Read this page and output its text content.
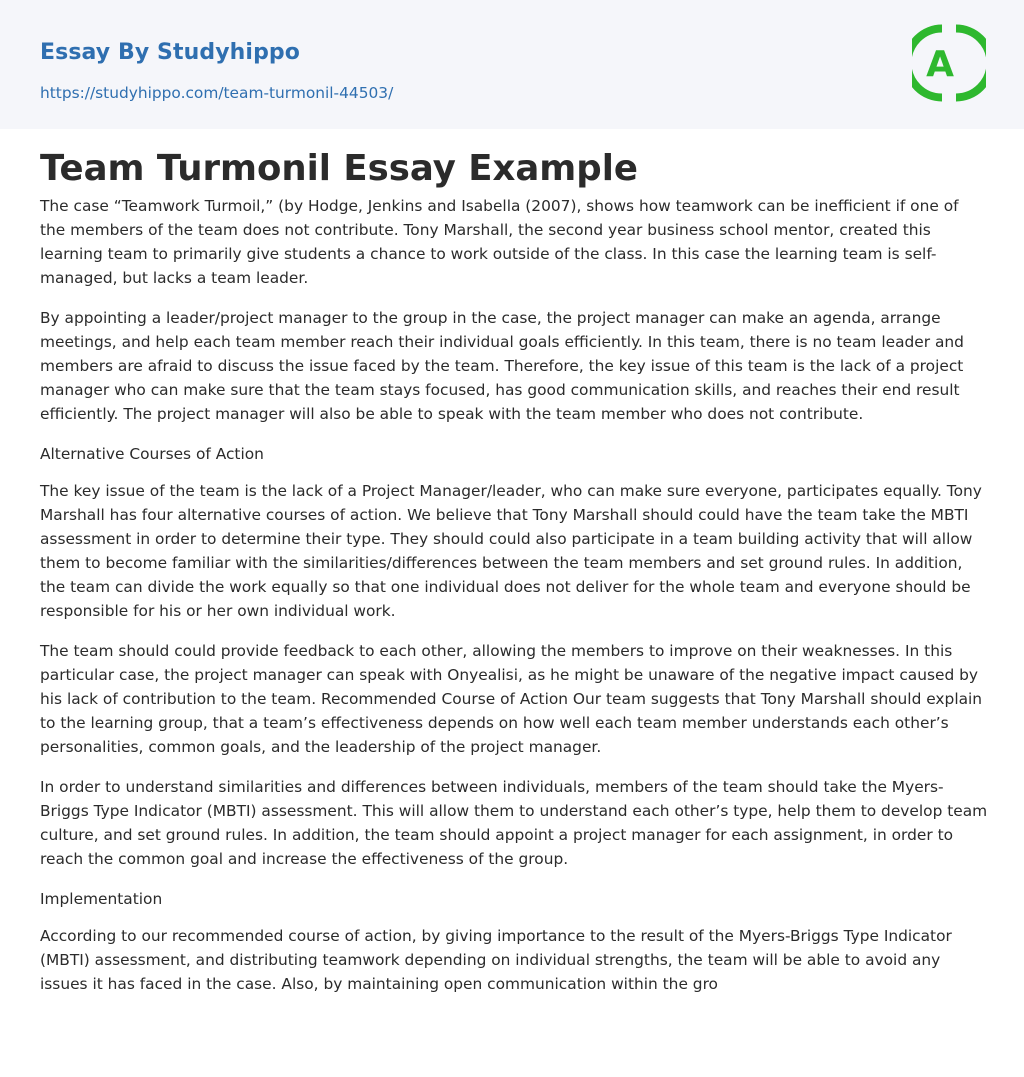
Essay By Studyhippo
https://studyhippo.com/team-turmonil-44503/
A
Team Turmonil Essay Example

The case “Teamwork Turmoil,” (by Hodge, Jenkins and Isabella (2007), shows how teamwork can be inefficient if one of the members of the team does not contribute. Tony Marshall, the second year business school mentor, created this learning team to primarily give students a chance to work outside of the class. In this case the learning team is self-managed, but lacks a team leader.

By appointing a leader/project manager to the group in the case, the project manager can make an agenda, arrange meetings, and help each team member reach their individual goals efficiently. In this team, there is no team leader and members are afraid to discuss the issue faced by the team. Therefore, the key issue of this team is the lack of a project manager who can make sure that the team stays focused, has good communication skills, and reaches their end result efficiently. The project manager will also be able to speak with the team member who does not contribute.

Alternative Courses of Action

The key issue of the team is the lack of a Project Manager/leader, who can make sure everyone, participates equally. Tony Marshall has four alternative courses of action. We believe that Tony Marshall should could have the team take the MBTI assessment in order to determine their type. They should could also participate in a team building activity that will allow them to become familiar with the similarities/differences between the team members and set ground rules. In addition, the team can divide the work equally so that one individual does not deliver for the whole team and everyone should be responsible for his or her own individual work.

The team should could provide feedback to each other, allowing the members to improve on their weaknesses. In this particular case, the project manager can speak with Onyealisi, as he might be unaware of the negative impact caused by his lack of contribution to the team. Recommended Course of Action Our team suggests that Tony Marshall should explain to the learning group, that a team’s effectiveness depends on how well each team member understands each other’s personalities, common goals, and the leadership of the project manager.

In order to understand similarities and differences between individuals, members of the team should take the Myers-Briggs Type Indicator (MBTI) assessment. This will allow them to understand each other’s type, help them to develop team culture, and set ground rules. In addition, the team should appoint a project manager for each assignment, in order to reach the common goal and increase the effectiveness of the group.

Implementation

According to our recommended course of action, by giving importance to the result of the Myers-Briggs Type Indicator (MBTI) assessment, and distributing teamwork depending on individual strengths, the team will be able to avoid any issues it has faced in the case. Also, by maintaining open communication within the gro
